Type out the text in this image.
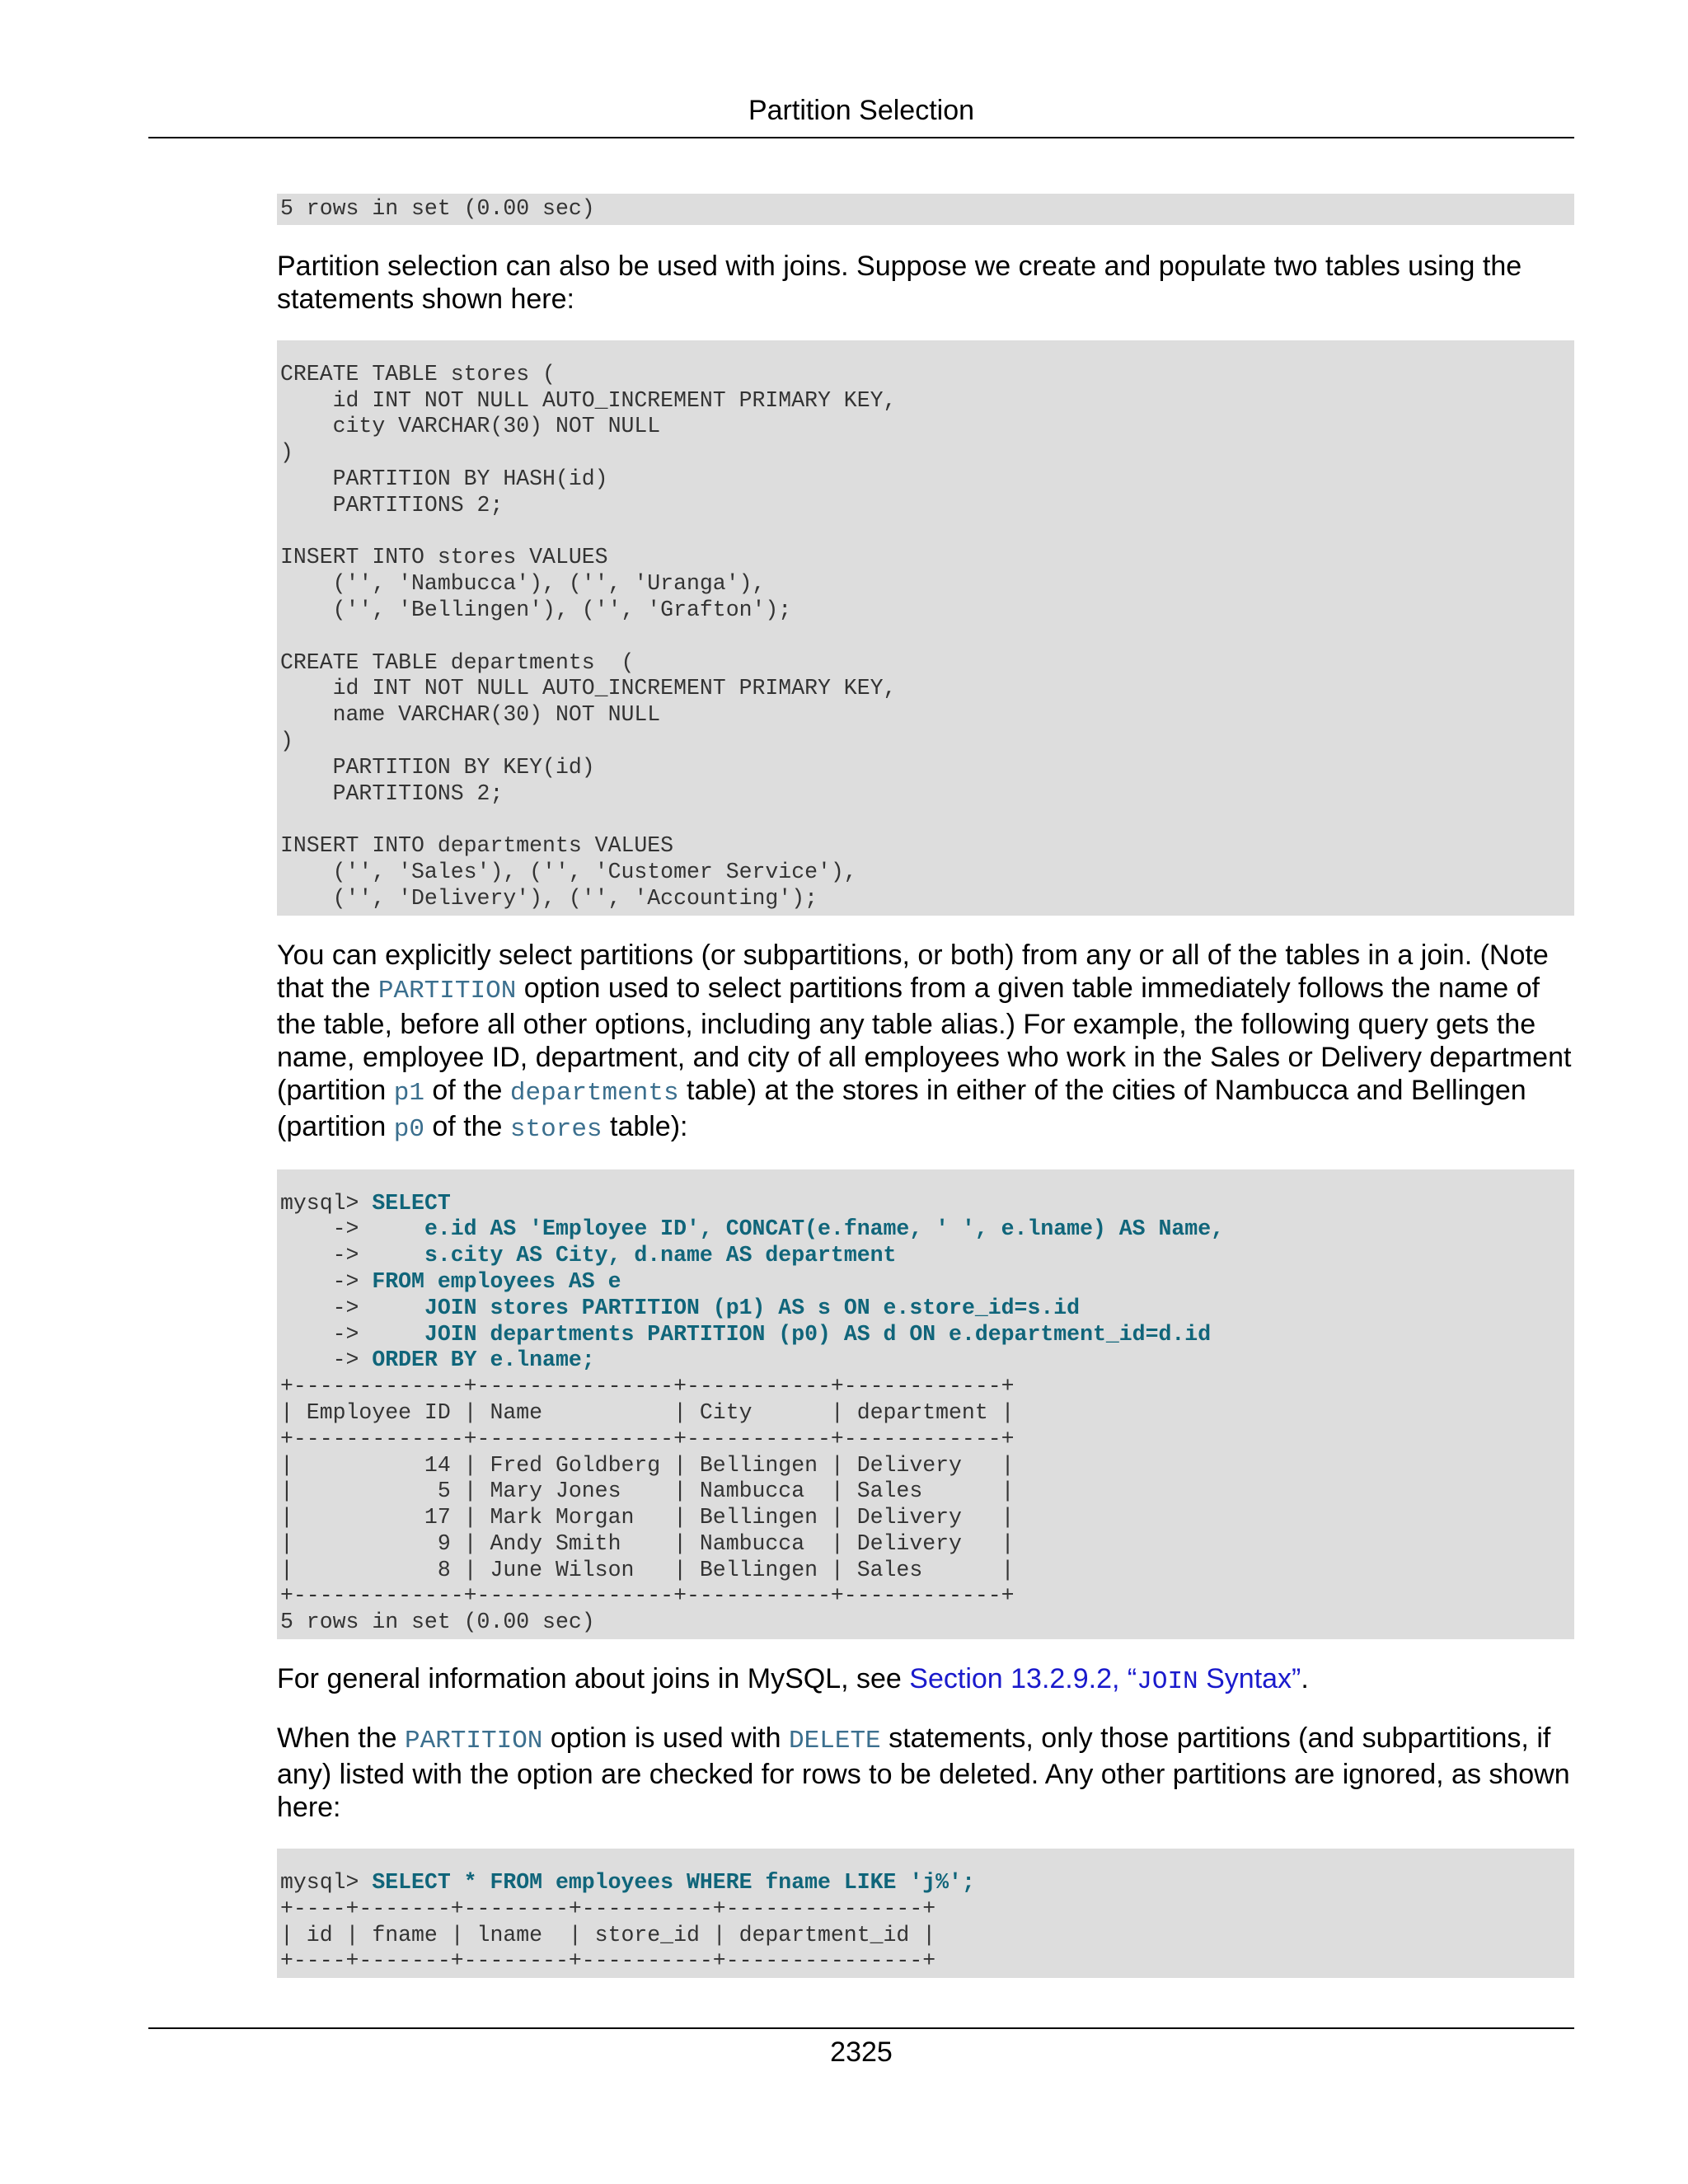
Partition Selection
5 rows in set (0.00 sec)

Partition selection can also be used with joins. Suppose we create and populate two tables using the statements shown here:

CREATE TABLE stores (
id INT NOT NULL AUTO_INCREMENT PRIMARY KEY,
city VARCHAR(30) NOT NULL
)
PARTITION BY HASH(id)
PARTITIONS 2;

INSERT INTO stores VALUES
('', 'Nambucca'), ('', 'Uranga'),
('', 'Bellingen'), ('', 'Grafton');

CREATE TABLE departments  (
id INT NOT NULL AUTO_INCREMENT PRIMARY KEY,
name VARCHAR(30) NOT NULL
)
PARTITION BY KEY(id)
PARTITIONS 2;

INSERT INTO departments VALUES
('', 'Sales'), ('', 'Customer Service'),
('', 'Delivery'), ('', 'Accounting');

You can explicitly select partitions (or subpartitions, or both) from any or all of the tables in a join. (Note that the PARTITION option used to select partitions from a given table immediately follows the name of the table, before all other options, including any table alias.) For example, the following query gets the name, employee ID, department, and city of all employees who work in the Sales or Delivery department (partition p1 of the departments table) at the stores in either of the cities of Nambucca and Bellingen (partition p0 of the stores table):

mysql> SELECT
->     e.id AS 'Employee ID', CONCAT(e.fname, ' ', e.lname) AS Name,
->     s.city AS City, d.name AS department
-> FROM employees AS e
->     JOIN stores PARTITION (p1) AS s ON e.store_id=s.id
->     JOIN departments PARTITION (p0) AS d ON e.department_id=d.id
-> ORDER BY e.lname;
+-------------+---------------+-----------+------------+
| Employee ID | Name          | City      | department |
+-------------+---------------+-----------+------------+
|          14 | Fred Goldberg | Bellingen | Delivery   |
|           5 | Mary Jones    | Nambucca  | Sales      |
|          17 | Mark Morgan   | Bellingen | Delivery   |
|           9 | Andy Smith    | Nambucca  | Delivery   |
|           8 | June Wilson   | Bellingen | Sales      |
+-------------+---------------+-----------+------------+
5 rows in set (0.00 sec)

For general information about joins in MySQL, see Section 13.2.9.2, “JOIN Syntax”.

When the PARTITION option is used with DELETE statements, only those partitions (and subpartitions, if any) listed with the option are checked for rows to be deleted. Any other partitions are ignored, as shown here:

mysql> SELECT * FROM employees WHERE fname LIKE 'j%';
+----+-------+--------+----------+---------------+
| id | fname | lname  | store_id | department_id |
+----+-------+--------+----------+---------------+
2325
